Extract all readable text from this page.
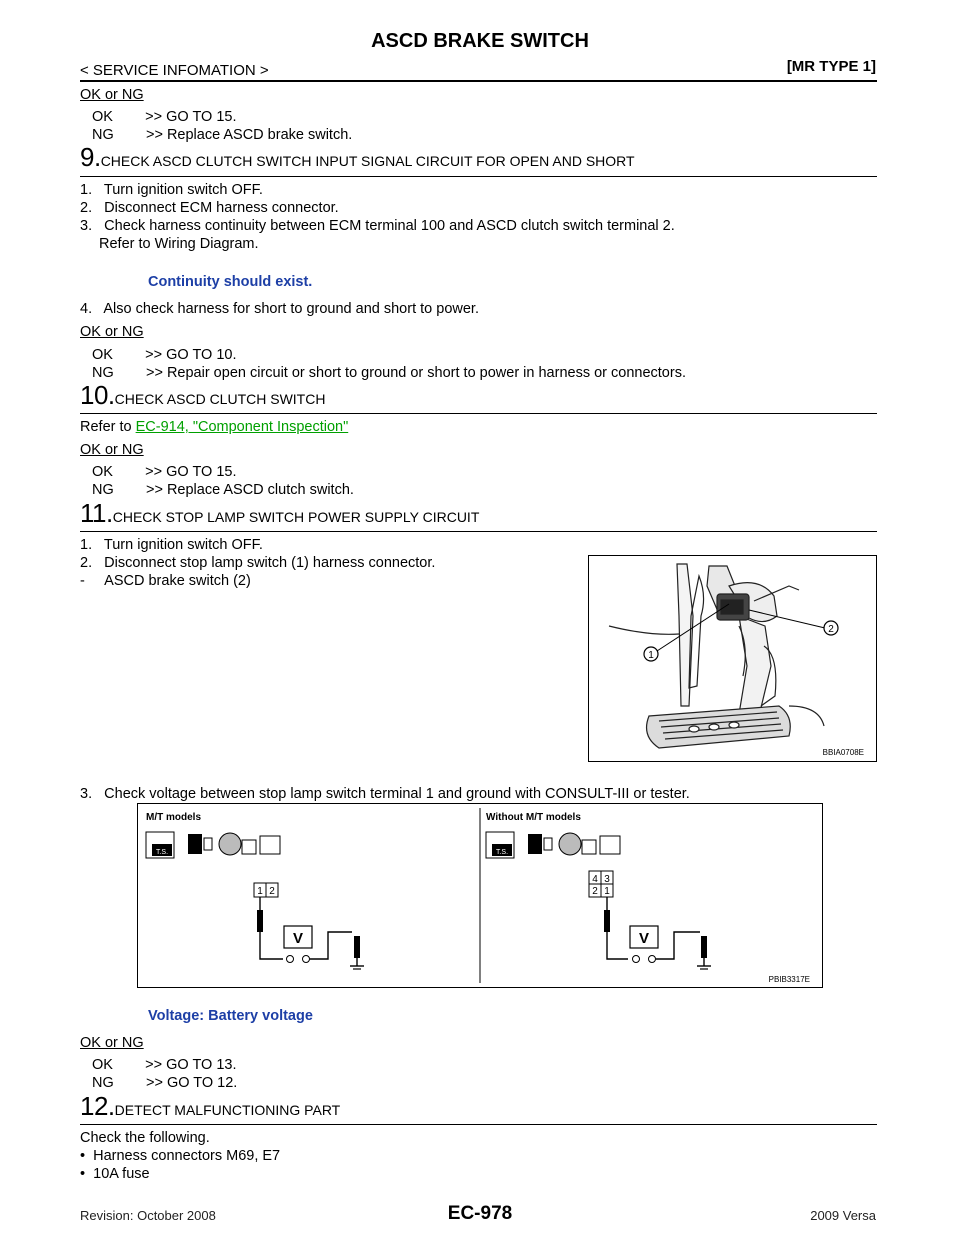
ASCD BRAKE SWITCH
< SERVICE INFOMATION >	[MR TYPE 1]
OK or NG
OK        >> GO TO 15.
NG        >> Replace ASCD brake switch.
9.CHECK ASCD CLUTCH SWITCH INPUT SIGNAL CIRCUIT FOR OPEN AND SHORT
1.   Turn ignition switch OFF.
2.   Disconnect ECM harness connector.
3.   Check harness continuity between ECM terminal 100 and ASCD clutch switch terminal 2.
Refer to Wiring Diagram.
Continuity should exist.
4.   Also check harness for short to ground and short to power.
OK or NG
OK        >> GO TO 10.
NG        >> Repair open circuit or short to ground or short to power in harness or connectors.
10.CHECK ASCD CLUTCH SWITCH
Refer to EC-914, "Component Inspection"
OK or NG
OK        >> GO TO 15.
NG        >> Replace ASCD clutch switch.
11.CHECK STOP LAMP SWITCH POWER SUPPLY CIRCUIT
1.   Turn ignition switch OFF.
2.   Disconnect stop lamp switch (1) harness connector.
-     ASCD brake switch (2)
1
2
BBIA0708E
3.   Check voltage between stop lamp switch terminal 1 and ground with CONSULT-III or tester.
M/T models	Without M/T models
T.S.
1 2
V
T.S.
4 3
2 1
V
PBIB3317E
Voltage: Battery voltage
OK or NG
OK        >> GO TO 13.
NG        >> GO TO 12.
12.DETECT MALFUNCTIONING PART
Check the following.
•  Harness connectors M69, E7
•  10A fuse
Revision: October 2008	EC-978	2009 Versa
